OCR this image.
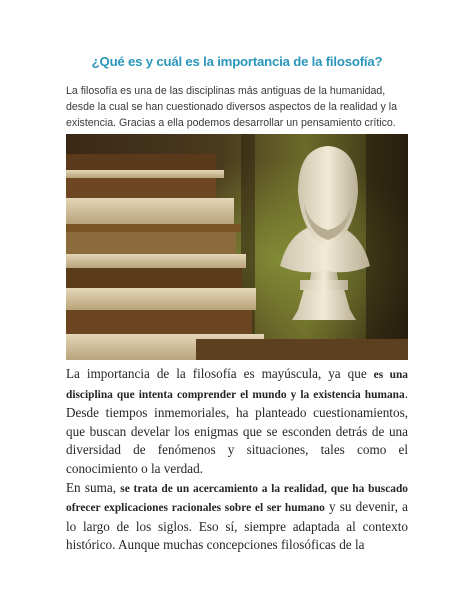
¿Qué es y cuál es la importancia de la filosofía?

La filosofía es una de las disciplinas más antiguas de la humanidad, desde la cual se han cuestionado diversos aspectos de la realidad y la existencia. Gracias a ella podemos desarrollar un pensamiento crítico.

La importancia de la filosofía es mayúscula, ya que es una disciplina que intenta comprender el mundo y la existencia humana. Desde tiempos inmemoriales, ha planteado cuestionamientos, que buscan develar los enigmas que se esconden detrás de una diversidad de fenómenos y situaciones, tales como el conocimiento o la verdad.

En suma, se trata de un acercamiento a la realidad, que ha buscado ofrecer explicaciones racionales sobre el ser humano y su devenir, a lo largo de los siglos. Eso sí, siempre adaptada al contexto histórico. Aunque muchas concepciones filosóficas de la
